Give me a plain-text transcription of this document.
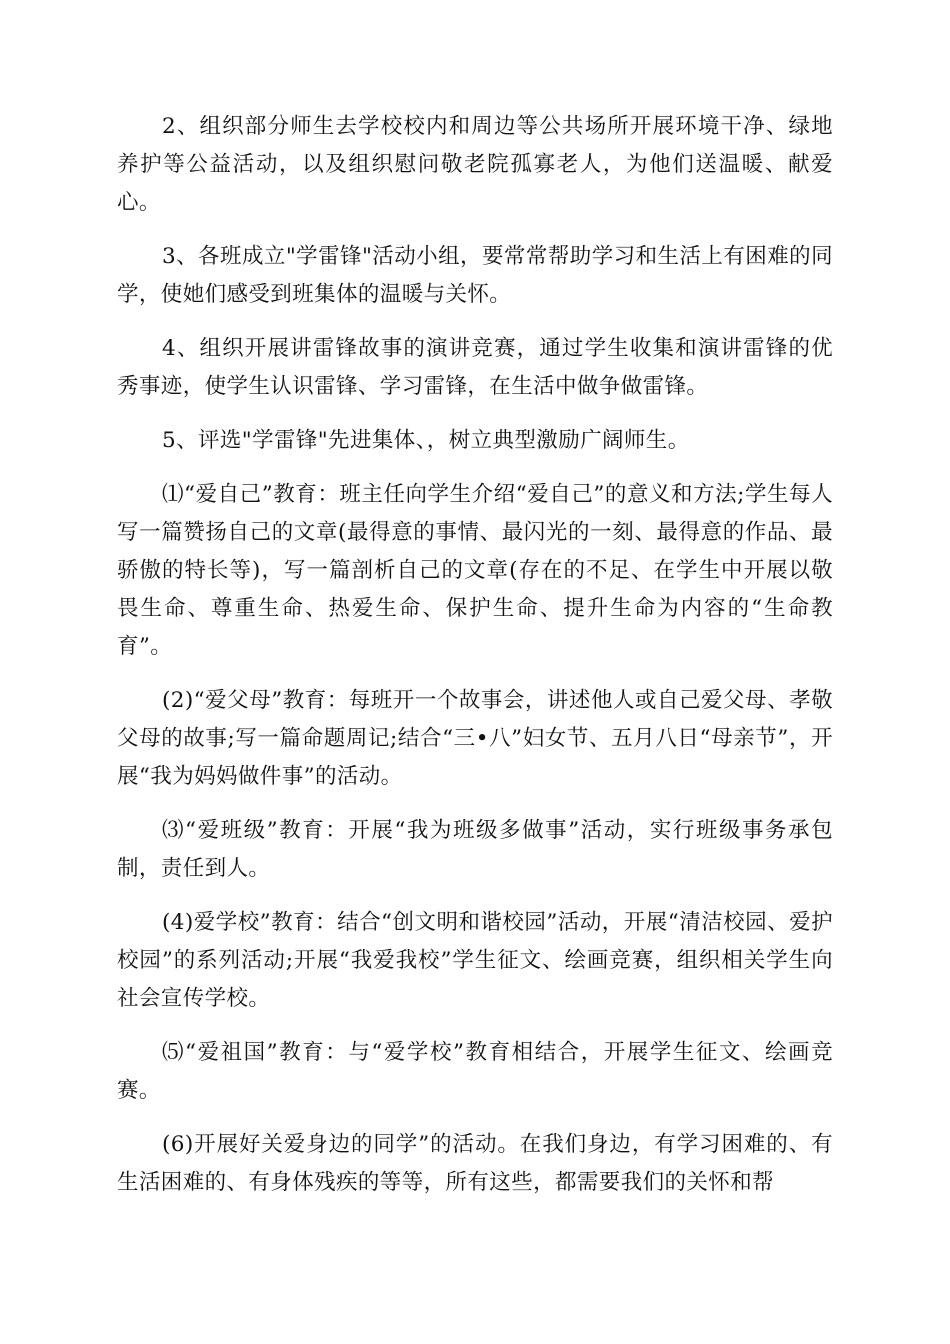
2、组织部分师生去学校校内和周边等公共场所开展环境干净、绿地养护等公益活动，以及组织慰问敬老院孤寡老人，为他们送温暖、献爱心。

3、各班成立"学雷锋"活动小组，要常常帮助学习和生活上有困难的同学，使她们感受到班集体的温暖与关怀。

4、组织开展讲雷锋故事的演讲竞赛，通过学生收集和演讲雷锋的优秀事迹，使学生认识雷锋、学习雷锋，在生活中做争做雷锋。

5、评选"学雷锋"先进集体、，树立典型激励广阔师生。

⑴“爱自己”教育：班主任向学生介绍“爱自己”的意义和方法;学生每人写一篇赞扬自己的文章(最得意的事情、最闪光的一刻、最得意的作品、最骄傲的特长等)，写一篇剖析自己的文章(存在的不足、在学生中开展以敬畏生命、尊重生命、热爱生命、保护生命、提升生命为内容的“生命教育”。

(2)“爱父母”教育：每班开一个故事会，讲述他人或自己爱父母、孝敬父母的故事;写一篇命题周记;结合“三•八”妇女节、五月八日“母亲节”，开展“我为妈妈做件事”的活动。

⑶“爱班级”教育：开展“我为班级多做事”活动，实行班级事务承包制，责任到人。

(4)爱学校”教育：结合“创文明和谐校园”活动，开展“清洁校园、爱护校园”的系列活动;开展“我爱我校”学生征文、绘画竞赛，组织相关学生向社会宣传学校。

⑸“爱祖国”教育：与“爱学校”教育相结合，开展学生征文、绘画竞赛。

(6)开展好关爱身边的同学”的活动。在我们身边，有学习困难的、有生活困难的、有身体残疾的等等，所有这些，都需要我们的关怀和帮
